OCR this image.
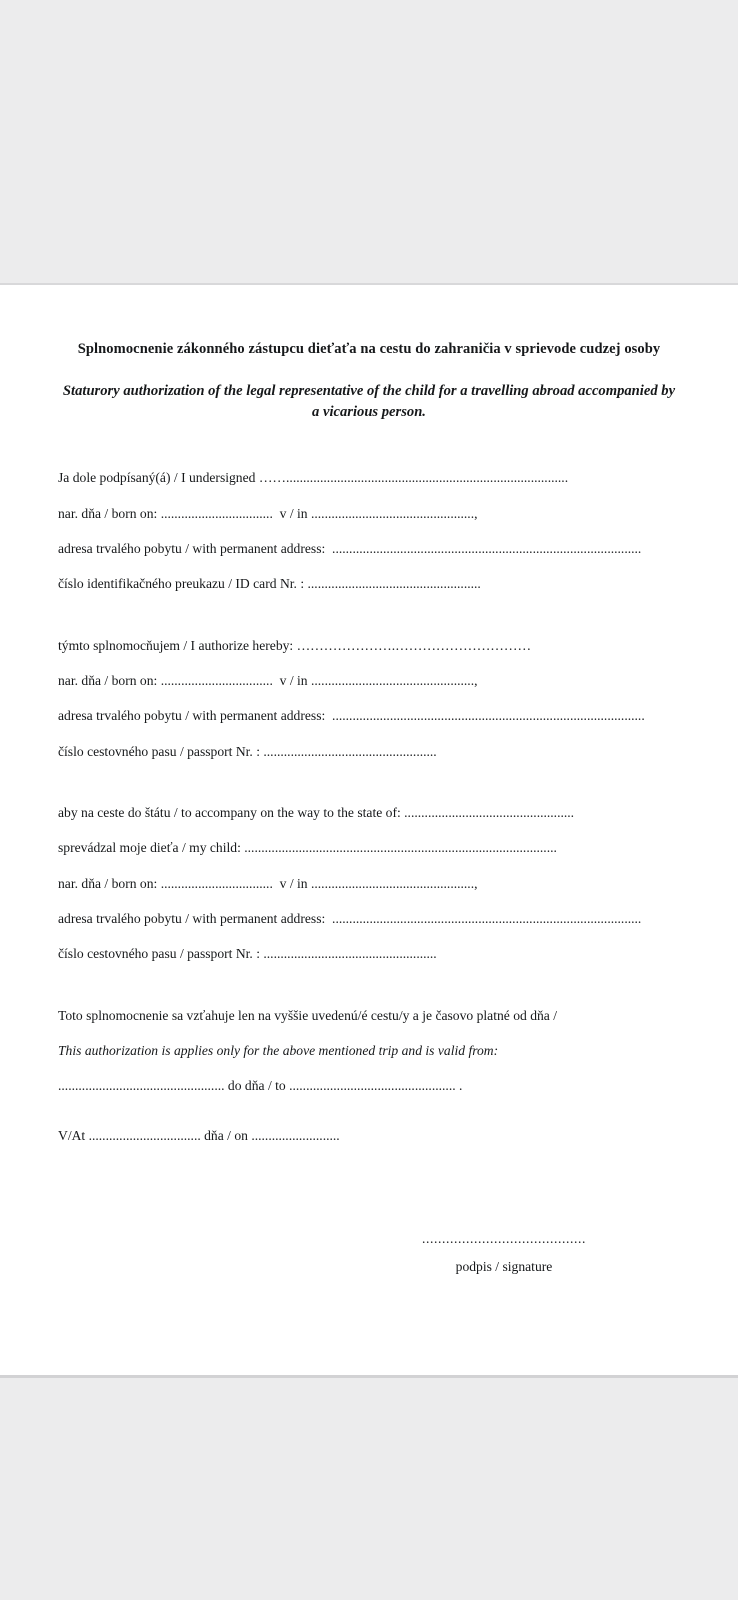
Splnomocnenie zákonného zástupcu dieťaťa na cestu do zahraničia v sprievode cudzej osoby
Staturory authorization of the legal representative of the child for a travelling abroad accompanied by a vicarious person.

Ja dole podpísaný(á) / I undersigned ……...................................................................................

nar. dňa / born on: .................................  v / in ................................................,

adresa trvalého pobytu / with permanent address:  ...........................................................................................

číslo identifikačného preukazu / ID card Nr. : ...................................................

týmto splnomocňujem / I authorize hereby: ………………….…………………………

nar. dňa / born on: .................................  v / in ................................................,

adresa trvalého pobytu / with permanent address:  ............................................................................................

číslo cestovného pasu / passport Nr. : ...................................................

aby na ceste do štátu / to accompany on the way to the state of: ..................................................

sprevádzal moje dieťa / my child: ............................................................................................

nar. dňa / born on: .................................  v / in ................................................,

adresa trvalého pobytu / with permanent address:  ...........................................................................................

číslo cestovného pasu / passport Nr. : ...................................................

Toto splnomocnenie sa vzťahuje len na vyššie uvedenú/é cestu/y a je časovo platné od dňa /

This authorization is applies only for the above mentioned trip and is valid from:

................................................. do dňa / to ................................................. .

V/At ................................. dňa / on ..........................

.........................................
podpis / signature
